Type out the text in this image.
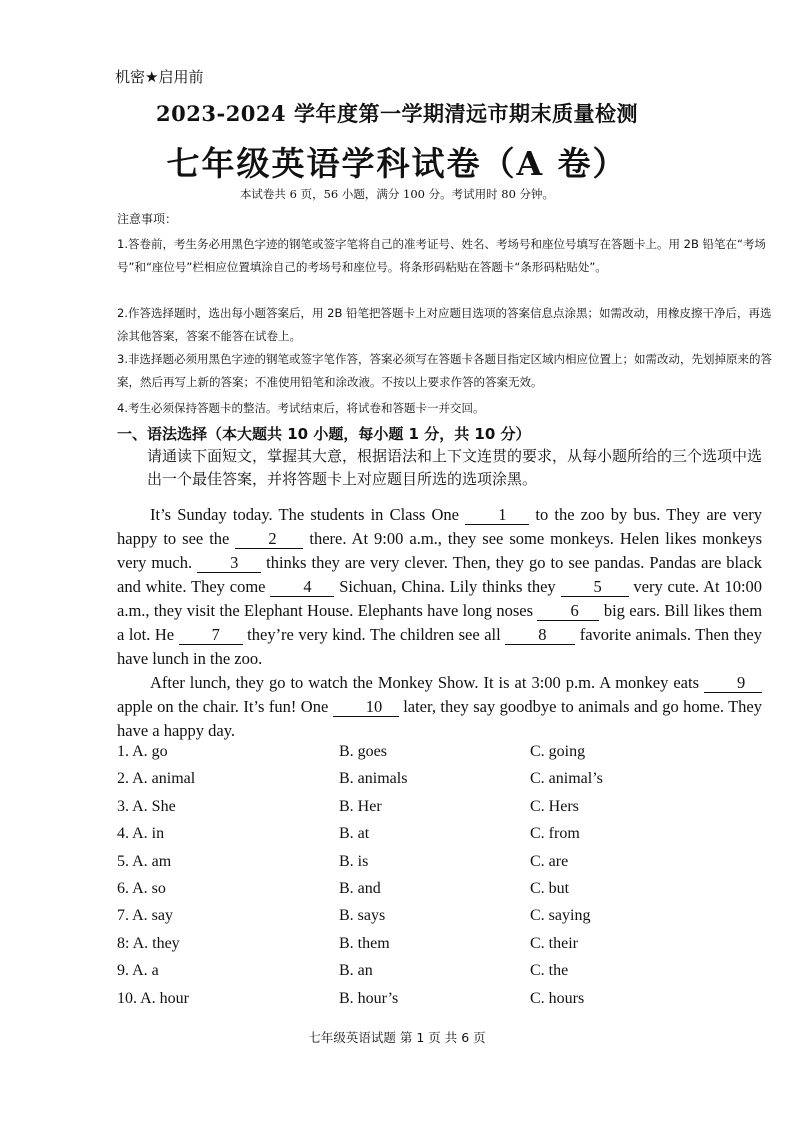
机密★启用前
2023-2024 学年度第一学期清远市期末质量检测
七年级英语学科试卷（A 卷）
本试卷共 6 页，56 小题，满分 100 分。考试用时 80 分钟。
注意事项：
1.答卷前，考生务必用黑色字迹的钢笔或签字笔将自己的准考证号、姓名、考场号和座位号填写在答题卡上。用 2B 铅笔在“考场号”和“座位号”栏相应位置填涂自己的考场号和座位号。将条形码粘贴在答题卡“条形码粘贴处”。
2.作答选择题时，选出每小题答案后，用 2B 铅笔把答题卡上对应题目选项的答案信息点涂黑；如需改动，用橡皮擦干净后，再选涂其他答案，答案不能答在试卷上。
3.非选择题必须用黑色字迹的钢笔或签字笔作答，答案必须写在答题卡各题目指定区域内相应位置上；如需改动，先划掉原来的答案，然后再写上新的答案；不准使用铅笔和涂改液。不按以上要求作答的答案无效。
4.考生必须保持答题卡的整洁。考试结束后，将试卷和答题卡一并交回。
一、语法选择（本大题共 10 小题，每小题 1 分，共 10 分）
请通读下面短文，掌握其大意，根据语法和上下文连贯的要求，从每小题所给的三个选项中选出一个最佳答案，并将答题卡上对应题目所选的选项涂黑。

It’s Sunday today. The students in Class One 1 to the zoo by bus. They are very happy to see the 2 there. At 9:00 a.m., they see some monkeys. Helen likes monkeys very much. 3 thinks they are very clever. Then, they go to see pandas. Pandas are black and white. They come 4 Sichuan, China. Lily thinks they 5 very cute. At 10:00 a.m., they visit the Elephant House. Elephants have long noses 6 big ears. Bill likes them a lot. He 7 they’re very kind. The children see all 8 favorite animals. Then they have lunch in the zoo.

After lunch, they go to watch the Monkey Show. It is at 3:00 p.m. A monkey eats 9 apple on the chair. It’s fun! One 10 later, they say goodbye to animals and go home. They have a happy day.

1. A. go	B. goes	C. going
2. A. animal	B. animals	C. animal’s
3. A. She	B. Her	C. Hers
4. A. in	B. at	C. from
5. A. am	B. is	C. are
6. A. so	B. and	C. but
7. A. say	B. says	C. saying
8: A. they	B. them	C. their
9. A. a	B. an	C. the
10. A. hour	B. hour’s	C. hours
七年级英语试题 第 1 页 共 6 页
